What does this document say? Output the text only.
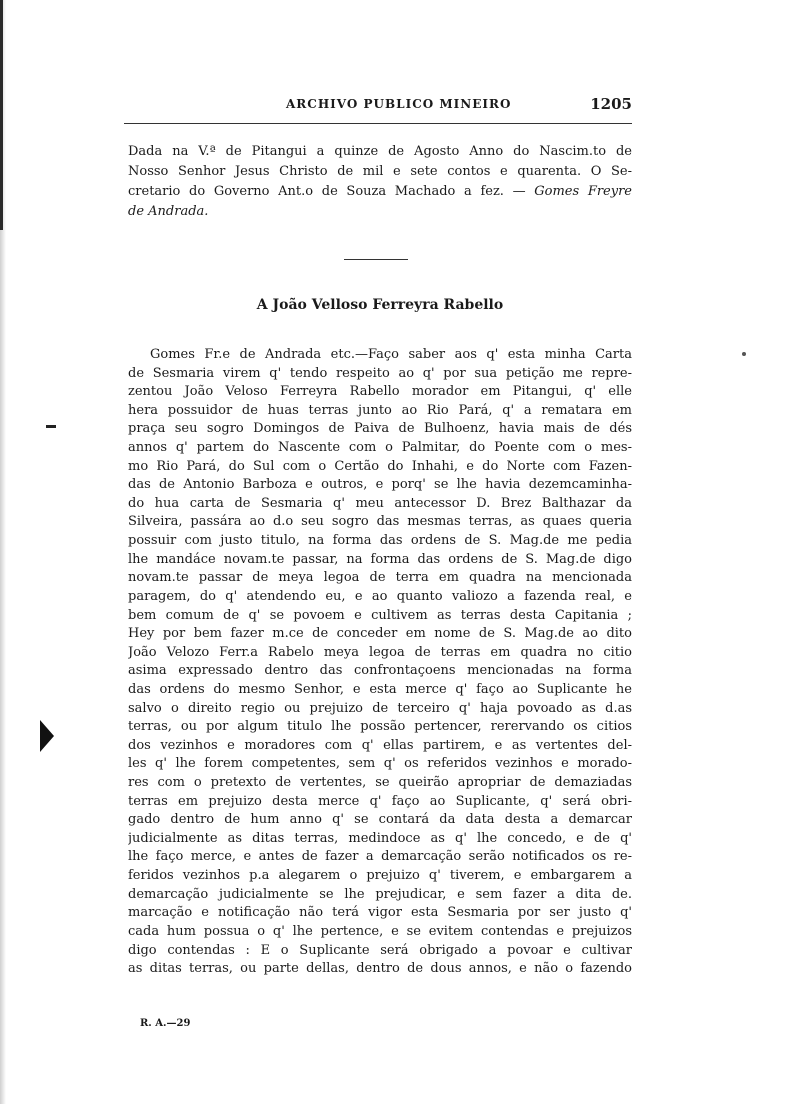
ARCHIVO PUBLICO MINEIRO	1205
Dada na V.ª de Pitangui a quinze de Agosto Anno do Nascim.to de
Nosso Senhor Jesus Christo de mil e sete contos e quarenta. O Se-
cretario do Governo Ant.o de Souza Machado a fez. — Gomes Freyre
de Andrada.
A João Velloso Ferreyra Rabello
Gomes Fr.e de Andrada etc.—Faço saber aos q' esta minha Carta
de Sesmaria virem q' tendo respeito ao q' por sua petição me repre-
zentou João Veloso Ferreyra Rabello morador em Pitangui, q' elle
hera possuidor de huas terras junto ao Rio Pará, q' a rematara em
praça seu sogro Domingos de Paiva de Bulhoenz, havia mais de dés
annos q' partem do Nascente com o Palmitar, do Poente com o mes-
mo Rio Pará, do Sul com o Certão do Inhahi, e do Norte com Fazen-
das de Antonio Barboza e outros, e porq' se lhe havia dezemcaminha-
do hua carta de Sesmaria q' meu antecessor D. Brez Balthazar da
Silveira, passára ao d.o seu sogro das mesmas terras, as quaes queria
possuir com justo titulo, na forma das ordens de S. Mag.de me pedia
lhe mandáce novam.te passar, na forma das ordens de S. Mag.de digo
novam.te passar de meya legoa de terra em quadra na mencionada
paragem, do q' atendendo eu, e ao quanto valiozo a fazenda real, e
bem comum de q' se povoem e cultivem as terras desta Capitania ;
Hey por bem fazer m.ce de conceder em nome de S. Mag.de ao dito
João Velozo Ferr.a Rabelo meya legoa de terras em quadra no citio
asima expressado dentro das confrontaçoens mencionadas na forma
das ordens do mesmo Senhor, e esta merce q' faço ao Suplicante he
salvo o direito regio ou prejuizo de terceiro q' haja povoado as d.as
terras, ou por algum titulo lhe possão pertencer, rerervando os citios
dos vezinhos e moradores com q' ellas partirem, e as vertentes del-
les q' lhe forem competentes, sem q' os referidos vezinhos e morado-
res com o pretexto de vertentes, se queirão apropriar de demaziadas
terras em prejuizo desta merce q' faço ao Suplicante, q' será obri-
gado dentro de hum anno q' se contará da data desta a demarcar
judicialmente as ditas terras, medindoce as q' lhe concedo, e de q'
lhe faço merce, e antes de fazer a demarcação serão notificados os re-
feridos vezinhos p.a alegarem o prejuizo q' tiverem, e embargarem a
demarcação judicialmente se lhe prejudicar, e sem fazer a dita de.
marcação e notificação não terá vigor esta Sesmaria por ser justo q'
cada hum possua o q' lhe pertence, e se evitem contendas e prejuizos
digo contendas : E o Suplicante será obrigado a povoar e cultivar
as ditas terras, ou parte dellas, dentro de dous annos, e não o fazendo
R. A.—29
